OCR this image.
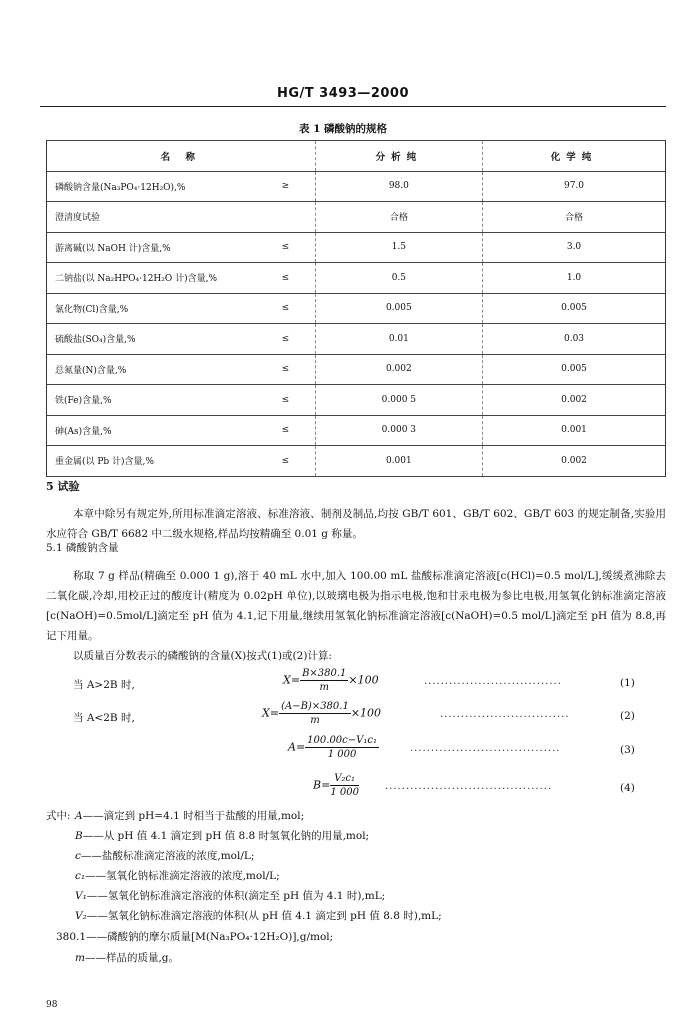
HG/T 3493—2000
表 1 磷酸钠的规格
名 称		分析纯	化学纯
磷酸钠含量(Na₃PO₄·12H₂O),%	≥	98.0	97.0
澄清度试验		合格	合格
游离碱(以 NaOH 计)含量,%	≤	1.5	3.0
二钠盐(以 Na₂HPO₄·12H₂O 计)含量,%	≤	0.5	1.0
氯化物(Cl)含量,%	≤	0.005	0.005
硫酸盐(SO₄)含量,%	≤	0.01	0.03
总氮量(N)含量,%	≤	0.002	0.005
铁(Fe)含量,%	≤	0.000 5	0.002
砷(As)含量,%	≤	0.000 3	0.001
重金属(以 Pb 计)含量,%	≤	0.001	0.002
5 试验
本章中除另有规定外,所用标准滴定溶液、标准溶液、制剂及制品,均按 GB/T 601、GB/T 602、GB/T 603 的规定制备,实验用水应符合 GB/T 6682 中二级水规格,样品均按精确至 0.01 g 称量。
5.1 磷酸钠含量
称取 7 g 样品(精确至 0.000 1 g),溶于 40 mL 水中,加入 100.00 mL 盐酸标准滴定溶液[c(HCl)=0.5 mol/L],缓缓煮沸除去二氧化碳,冷却,用校正过的酸度计(精度为 0.02pH 单位),以玻璃电极为指示电极,饱和甘汞电极为参比电极,用氢氧化钠标准滴定溶液[c(NaOH)=0.5mol/L]滴定至 pH 值为 4.1,记下用量,继续用氢氧化钠标准滴定溶液[c(NaOH)=0.5 mol/L]滴定至 pH 值为 8.8,再记下用量。
以质量百分数表示的磷酸钠的含量(X)按式(1)或(2)计算:
当 A>2B 时,	$X= \frac{B\times 380.1}{m} \times 100$	·································	(1)
当 A<2B 时,	$X= \frac{(A-B)\times 380.1}{m} \times 100$	·······························	(2)
$A= \frac{\text{100.00c−V₁c₁}}{1 000}$	····································	(3)
$B= \frac{\text{V₂c₁}}{1 000}$	········································	(4)
式中: A——滴定到 pH=4.1 时相当于盐酸的用量,mol;
B——从 pH 值 4.1 滴定到 pH 值 8.8 时氢氧化钠的用量,mol;
c——盐酸标准滴定溶液的浓度,mol/L;
c₁——氢氧化钠标准滴定溶液的浓度,mol/L;
V₁——氢氧化钠标准滴定溶液的体积(滴定至 pH 值为 4.1 时),mL;
V₂——氢氧化钠标准滴定溶液的体积(从 pH 值 4.1 滴定到 pH 值 8.8 时),mL;
380.1——磷酸钠的摩尔质量[M(Na₃PO₄·12H₂O)],g/mol;
m——样品的质量,g。
98
